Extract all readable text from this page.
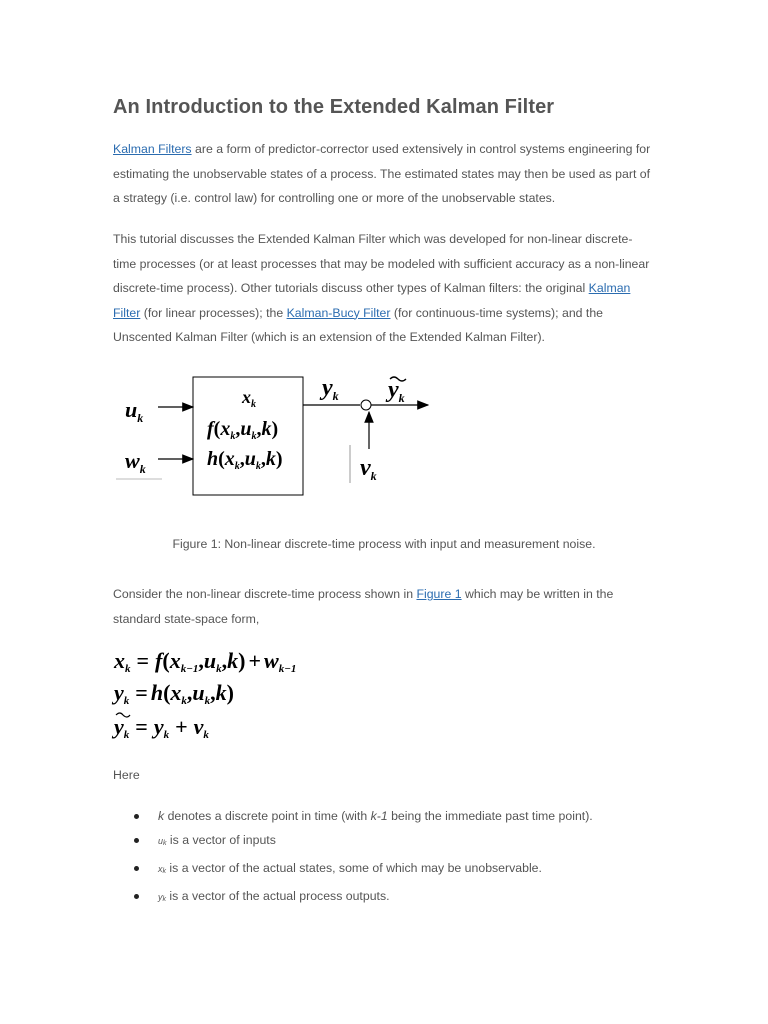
An Introduction to the Extended Kalman Filter

Kalman Filters are a form of predictor-corrector used extensively in control systems engineering for estimating the unobservable states of a process. The estimated states may then be used as part of a strategy (i.e. control law) for controlling one or more of the unobservable states.

This tutorial discusses the Extended Kalman Filter which was developed for non-linear discrete-time processes (or at least processes that may be modeled with sufficient accuracy as a non-linear discrete-time process). Other tutorials discuss other types of Kalman filters: the original Kalman Filter (for linear processes); the Kalman-Bucy Filter (for continuous-time systems); and the Unscented Kalman Filter (which is an extension of the Extended Kalman Filter).

$u_k$
$w_k$
$x_k$
$f(x_k,u_k,k)$
$h(x_k,u_k,k)$
$y_k$ $y_k$
$v_k$

Figure 1: Non-linear discrete-time process with input and measurement noise.

Consider the non-linear discrete-time process shown in Figure 1 which may be written in the standard state-space form,

xk = f(xk−1,uk,k) + wk−1
yk = h(xk,uk,k)
yk = yk + vk

Here

k denotes a discrete point in time (with k-1 being the immediate past time point).
uk is a vector of inputs
xk is a vector of the actual states, some of which may be unobservable.
yk is a vector of the actual process outputs.
